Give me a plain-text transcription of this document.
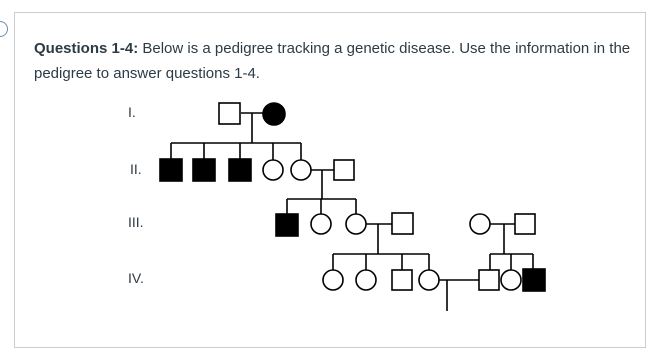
Questions 1-4: Below is a pedigree tracking a genetic disease. Use the information in the pedigree to answer questions 1-4.
I.
II.
III.
IV.
